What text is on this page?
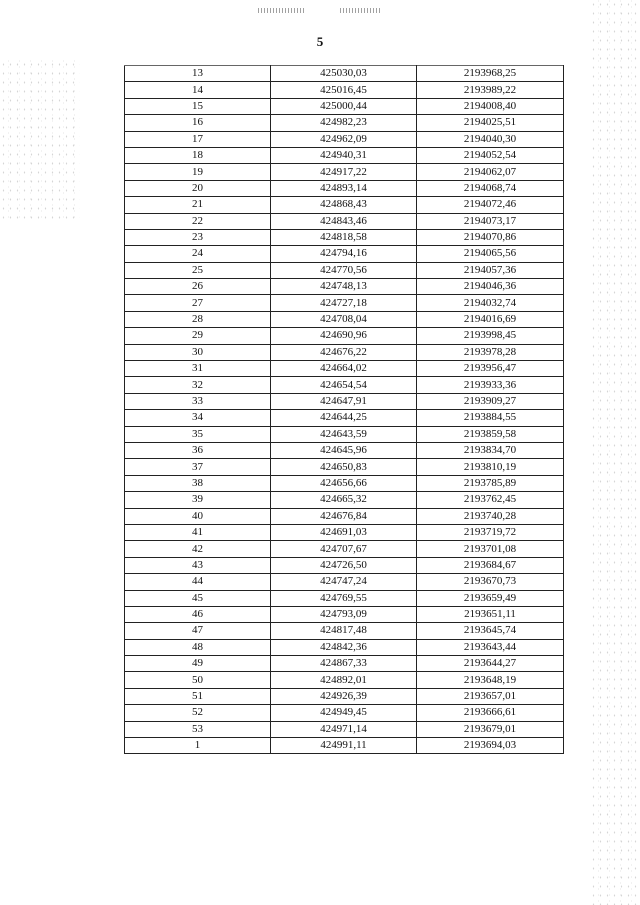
5
13	425030,03	2193968,25
14	425016,45	2193989,22
15	425000,44	2194008,40
16	424982,23	2194025,51
17	424962,09	2194040,30
18	424940,31	2194052,54
19	424917,22	2194062,07
20	424893,14	2194068,74
21	424868,43	2194072,46
22	424843,46	2194073,17
23	424818,58	2194070,86
24	424794,16	2194065,56
25	424770,56	2194057,36
26	424748,13	2194046,36
27	424727,18	2194032,74
28	424708,04	2194016,69
29	424690,96	2193998,45
30	424676,22	2193978,28
31	424664,02	2193956,47
32	424654,54	2193933,36
33	424647,91	2193909,27
34	424644,25	2193884,55
35	424643,59	2193859,58
36	424645,96	2193834,70
37	424650,83	2193810,19
38	424656,66	2193785,89
39	424665,32	2193762,45
40	424676,84	2193740,28
41	424691,03	2193719,72
42	424707,67	2193701,08
43	424726,50	2193684,67
44	424747,24	2193670,73
45	424769,55	2193659,49
46	424793,09	2193651,11
47	424817,48	2193645,74
48	424842,36	2193643,44
49	424867,33	2193644,27
50	424892,01	2193648,19
51	424926,39	2193657,01
52	424949,45	2193666,61
53	424971,14	2193679,01
1	424991,11	2193694,03
